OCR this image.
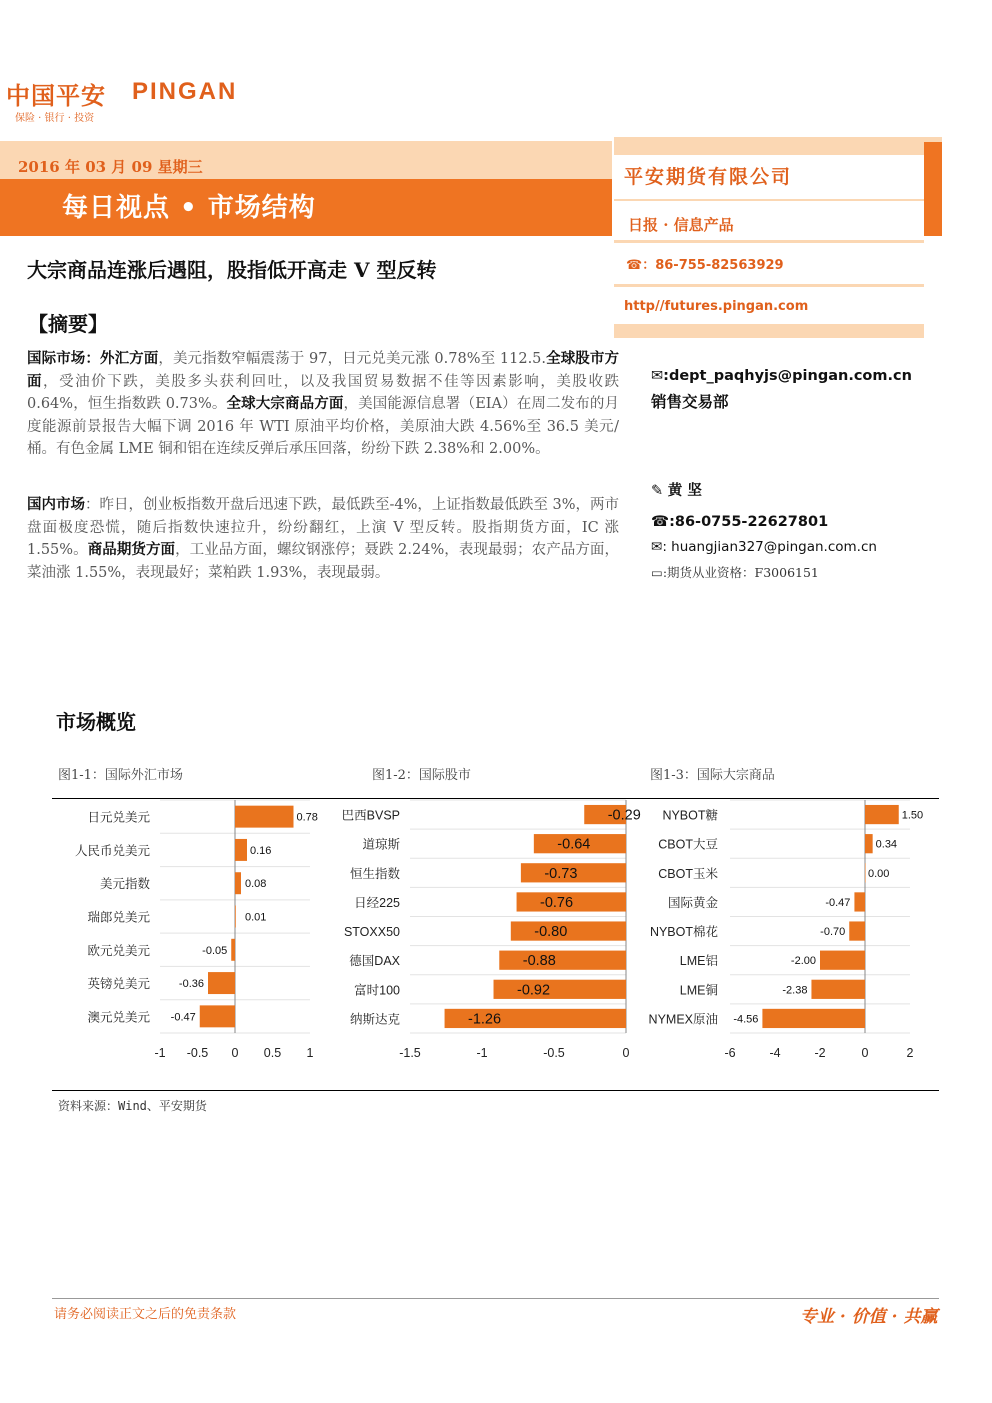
中国平安 PINGAN
保险 · 银行 · 投资
2016 年 03 月 09 星期三
每日视点 • 市场结构
平安期货有限公司
日报 · 信息产品
☎：86-755-82563929
http//futures.pingan.com
✉:dept_paqhyjs@pingan.com.cn
销售交易部
✎ 黄 坚
☎:86-0755-22627801
✉: huangjian327@pingan.com.cn
▭:期货从业资格：F3006151
大宗商品连涨后遇阻，股指低开高走 V 型反转
【摘要】
国际市场：外汇方面，美元指数窄幅震荡于 97，日元兑美元涨 0.78%至 112.5.全球股市方面，受油价下跌，美股多头获利回吐，以及我国贸易数据不佳等因素影响，美股收跌 0.64%，恒生指数跌 0.73%。全球大宗商品方面，美国能源信息署（EIA）在周二发布的月度能源前景报告大幅下调 2016 年 WTI 原油平均价格，美原油大跌 4.56%至 36.5 美元/桶。有色金属 LME 铜和铝在连续反弹后承压回落，纷纷下跌 2.38%和 2.00%。
国内市场：昨日，创业板指数开盘后迅速下跌，最低跌至-4%，上证指数最低跌至 3%，两市盘面极度恐慌，随后指数快速拉升，纷纷翻红，上演 V 型反转。股指期货方面，IC 涨 1.55%。商品期货方面，工业品方面，螺纹钢涨停；聂跌 2.24%，表现最弱；农产品方面，菜油涨 1.55%，表现最好；菜粕跌 1.93%，表现最弱。
市场概览
图1-1：国际外汇市场	图1-2：国际股市	图1-3：国际大宗商品
日元兑美元	0.78
人民币兑美元	0.16
美元指数	0.08
瑞郎兑美元	0.01
欧元兑美元	-0.05
英镑兑美元	-0.36
澳元兑美元 -0.47
-1 -0.5 0 0.5 1
巴西BVSP	-0.29
道琼斯	-0.64
恒生指数	-0.73
日经225	-0.76
STOXX50	-0.80
德国DAX	-0.88
富时100	-0.92
纳斯达克	-1.26
-1.5	-1	-0.5	0
NYBOT糖	1.50
CBOT大豆	0.34
CBOT玉米	0.00
国际黄金	-0.47
NYBOT棉花	-0.70
LME铝	-2.00
LME铜	-2.38
NYMEX原油 -4.56
-6	-4	-2	0	2
资料来源：Wind、平安期货
请务必阅读正文之后的免责条款	专业 · 价值 · 共赢
